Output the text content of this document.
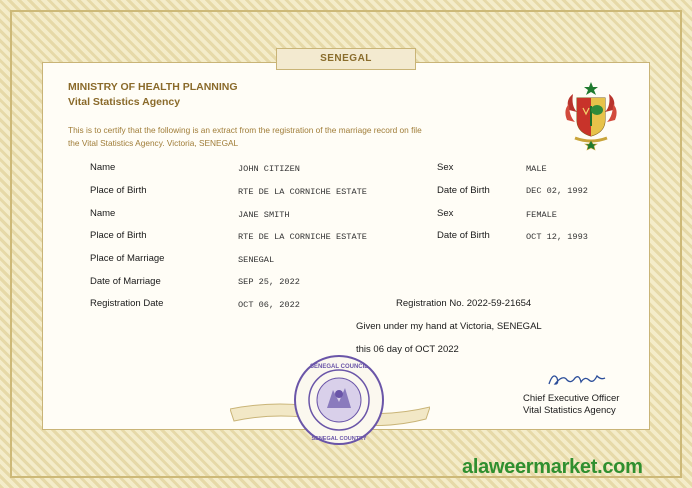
SENEGAL
MINISTRY OF HEALTH PLANNING
Vital Statistics Agency
This is to certify that the following is an extract from the registration of the marriage record on file
the Vital Statistics Agency. Victoria, SENEGAL
Name	JOHN CITIZEN	Sex	MALE
Place of Birth	RTE DE LA CORNICHE ESTATE	Date of Birth	DEC 02, 1992
Name	JANE SMITH	Sex	FEMALE
Place of Birth	RTE DE LA CORNICHE ESTATE	Date of Birth	OCT 12, 1993
Place of Marriage	SENEGAL
Date of Marriage	SEP 25, 2022
Registration Date	OCT 06, 2022	Registration No. 2022-59-21654
Given under my hand at Victoria, SENEGAL
this 06 day of OCT 2022
SENEGAL COUNCIL
SENEGAL COUNTRY
Chief Executive Officer
Vital Statistics Agency
alaweermarket.com
